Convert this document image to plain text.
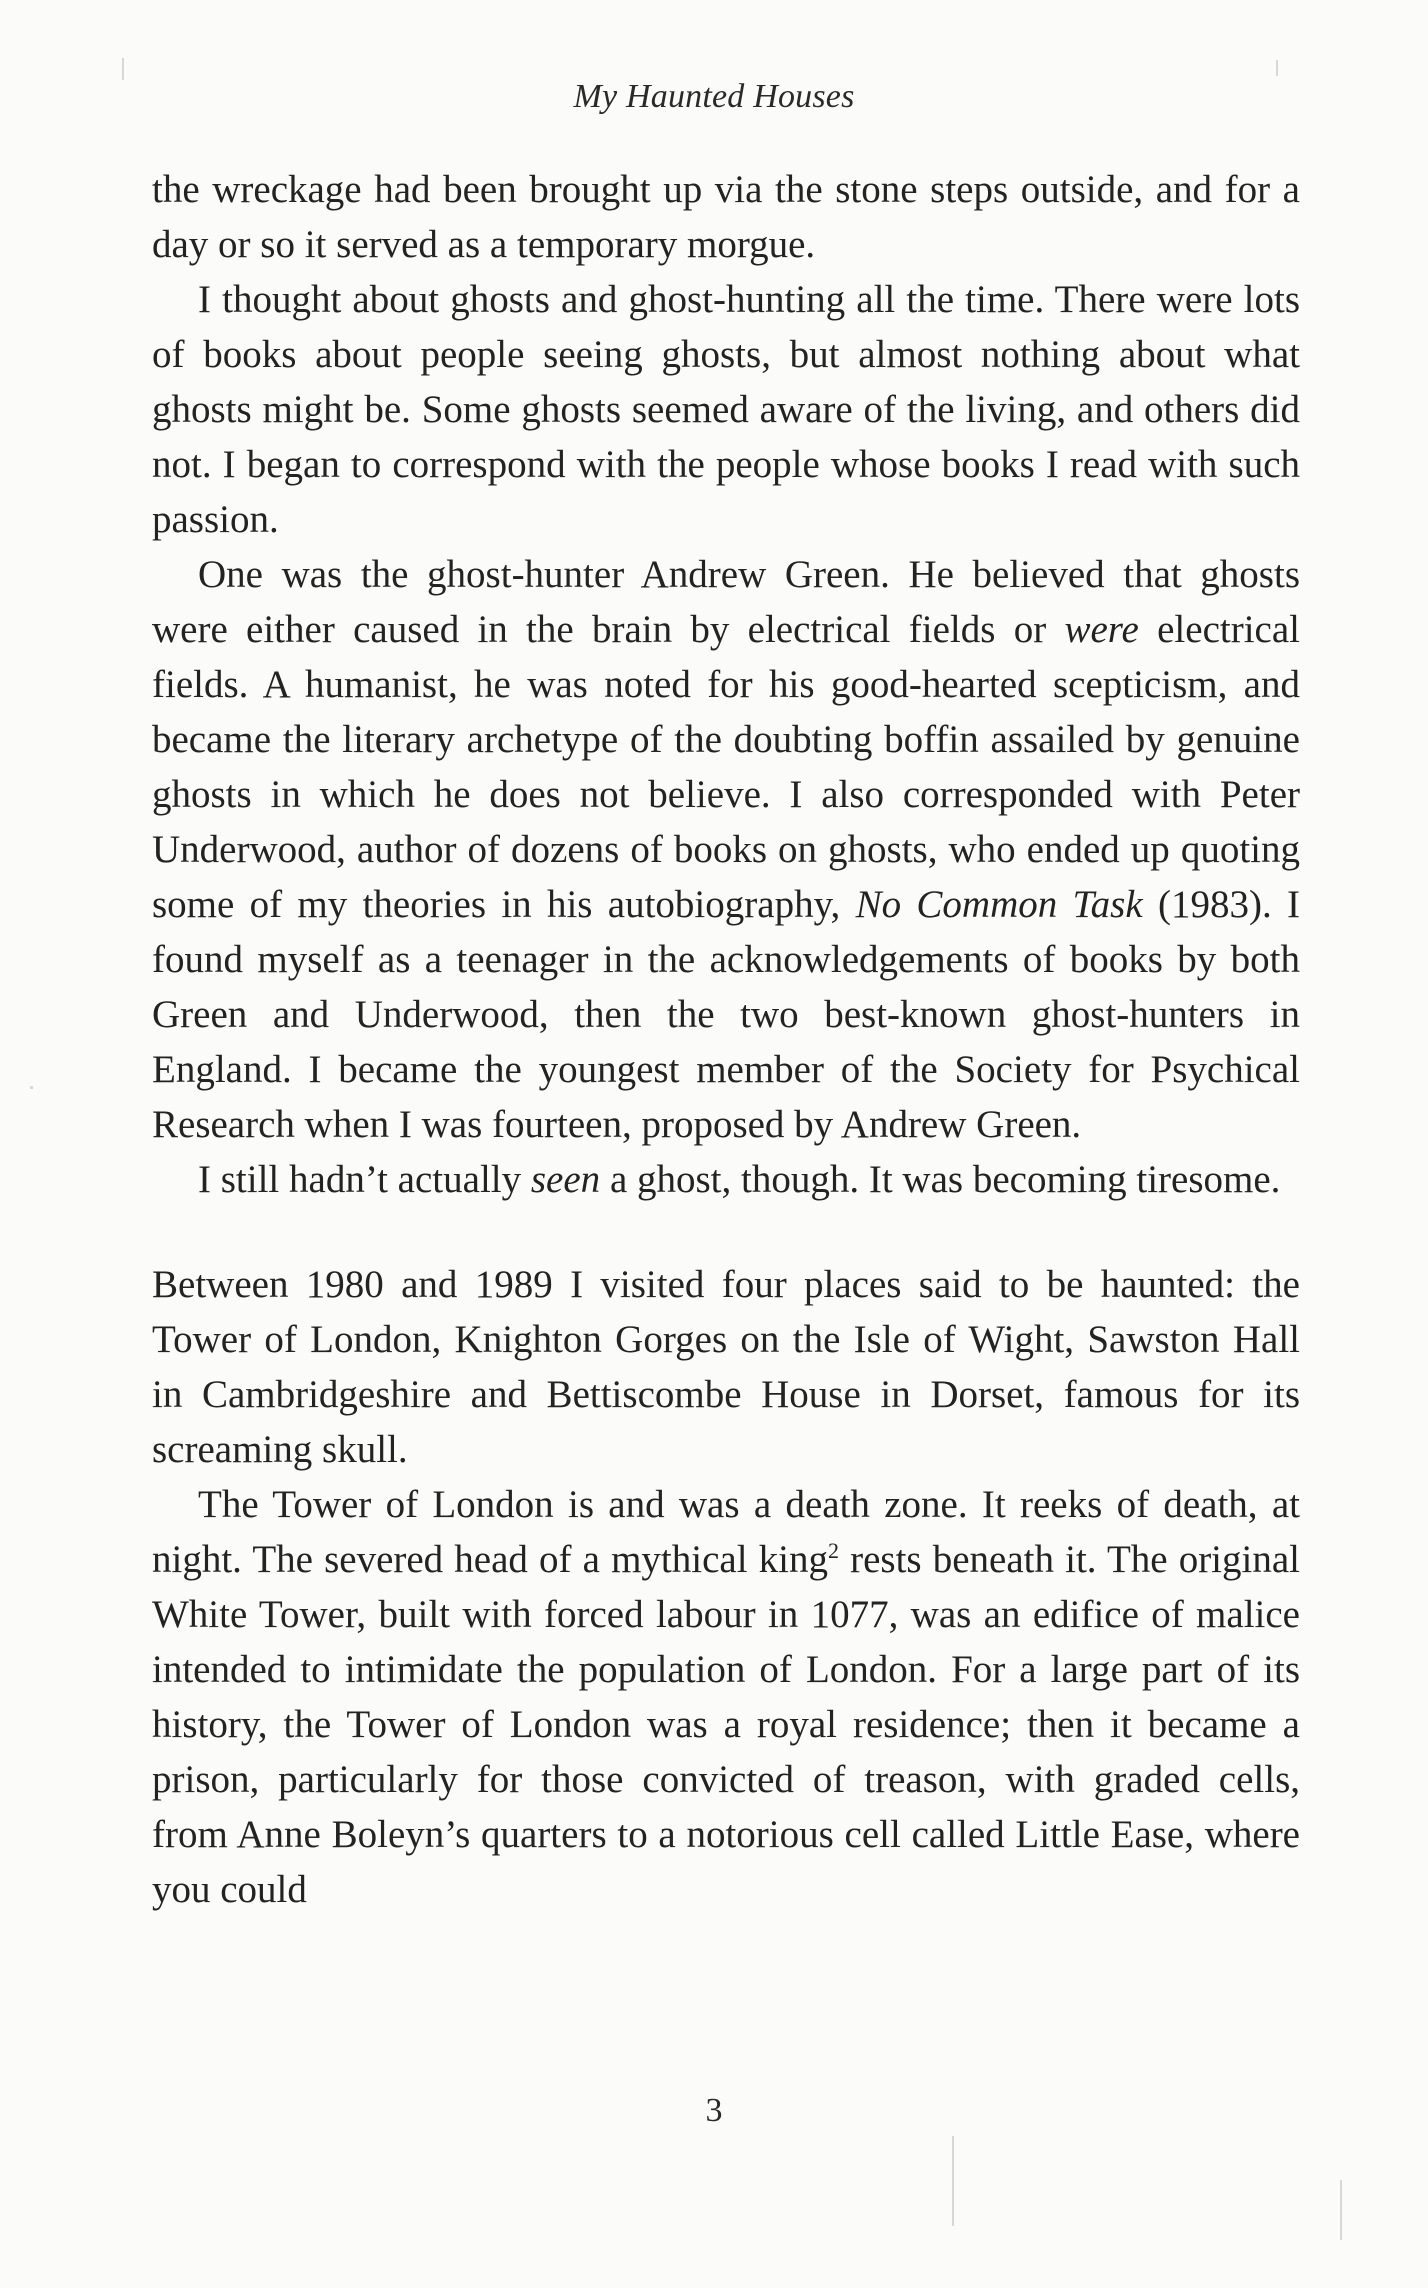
My Haunted Houses

the wreckage had been brought up via the stone steps outside, and for a day or so it served as a temporary morgue.

I thought about ghosts and ghost-hunting all the time. There were lots of books about people seeing ghosts, but almost nothing about what ghosts might be. Some ghosts seemed aware of the living, and others did not. I began to correspond with the people whose books I read with such passion.

One was the ghost-hunter Andrew Green. He believed that ghosts were either caused in the brain by electrical fields or were electrical fields. A humanist, he was noted for his good-hearted scepticism, and became the literary archetype of the doubting boffin assailed by genuine ghosts in which he does not believe. I also corresponded with Peter Underwood, author of dozens of books on ghosts, who ended up quoting some of my theories in his autobiography, No Common Task (1983). I found myself as a teenager in the acknowledgements of books by both Green and Underwood, then the two best-known ghost-hunters in England. I became the youngest member of the Society for Psychical Research when I was fourteen, proposed by Andrew Green.

I still hadn’t actually seen a ghost, though. It was becoming tiresome.

Between 1980 and 1989 I visited four places said to be haunted: the Tower of London, Knighton Gorges on the Isle of Wight, Sawston Hall in Cambridgeshire and Bettiscombe House in Dorset, famous for its screaming skull.

The Tower of London is and was a death zone. It reeks of death, at night. The severed head of a mythical king$^2$ rests beneath it. The original White Tower, built with forced labour in 1077, was an edifice of malice intended to intimidate the population of London. For a large part of its history, the Tower of London was a royal residence; then it became a prison, particularly for those convicted of treason, with graded cells, from Anne Boleyn’s quarters to a notorious cell called Little Ease, where you could

3
